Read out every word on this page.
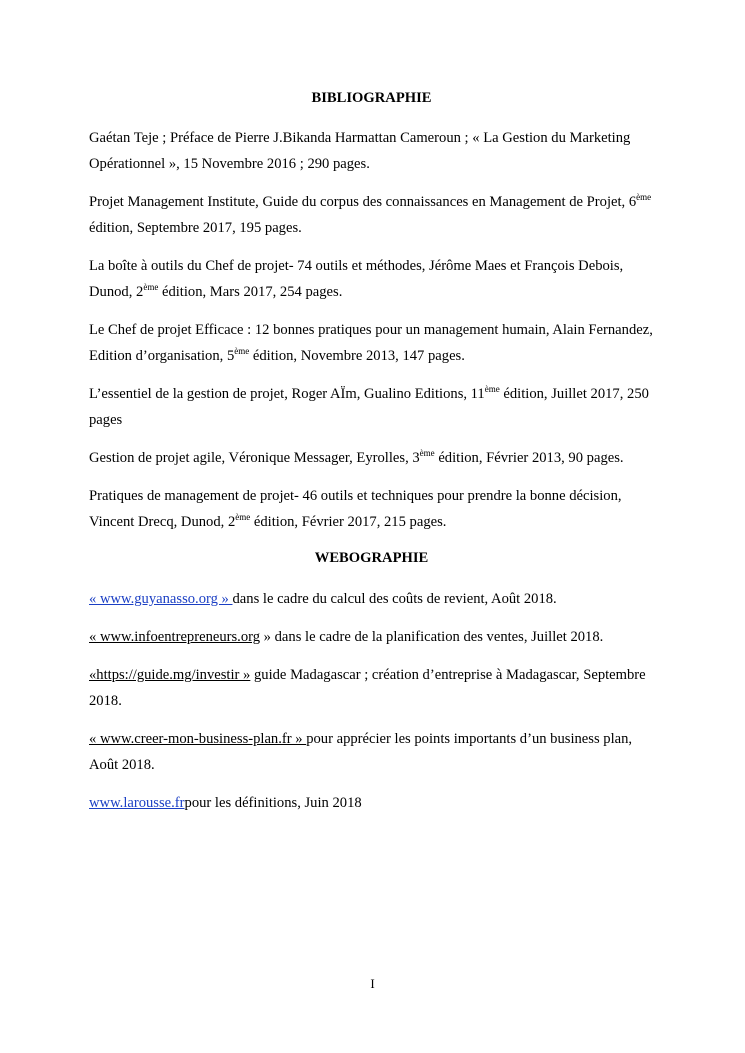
BIBLIOGRAPHIE

Gaétan Teje ; Préface de Pierre J.Bikanda Harmattan Cameroun ; « La Gestion du Marketing Opérationnel », 15 Novembre 2016 ; 290 pages.

Projet Management Institute, Guide du corpus des connaissances en Management de Projet, 6ème édition, Septembre 2017, 195 pages.

La boîte à outils du Chef de projet- 74 outils et méthodes, Jérôme Maes et François Debois, Dunod, 2ème édition, Mars 2017, 254 pages.

Le Chef de projet Efficace : 12 bonnes pratiques pour un management humain, Alain Fernandez, Edition d’organisation, 5ème édition, Novembre 2013, 147 pages.

L’essentiel de la gestion de projet, Roger AÏm, Gualino Editions, 11ème édition, Juillet 2017, 250 pages

Gestion de projet agile, Véronique Messager, Eyrolles, 3ème édition, Février 2013, 90 pages.

Pratiques de management de projet- 46 outils et techniques pour prendre la bonne décision, Vincent Drecq, Dunod, 2ème édition, Février 2017, 215 pages.

WEBOGRAPHIE

« www.guyanasso.org » dans le cadre du calcul des coûts de revient, Août 2018.

« www.infoentrepreneurs.org » dans le cadre de la planification des ventes, Juillet 2018.

«https://guide.mg/investir » guide Madagascar ; création d’entreprise à Madagascar, Septembre 2018.

« www.creer-mon-business-plan.fr » pour apprécier les points importants d’un business plan, Août 2018.

www.larousse.frpour les définitions, Juin 2018

I
